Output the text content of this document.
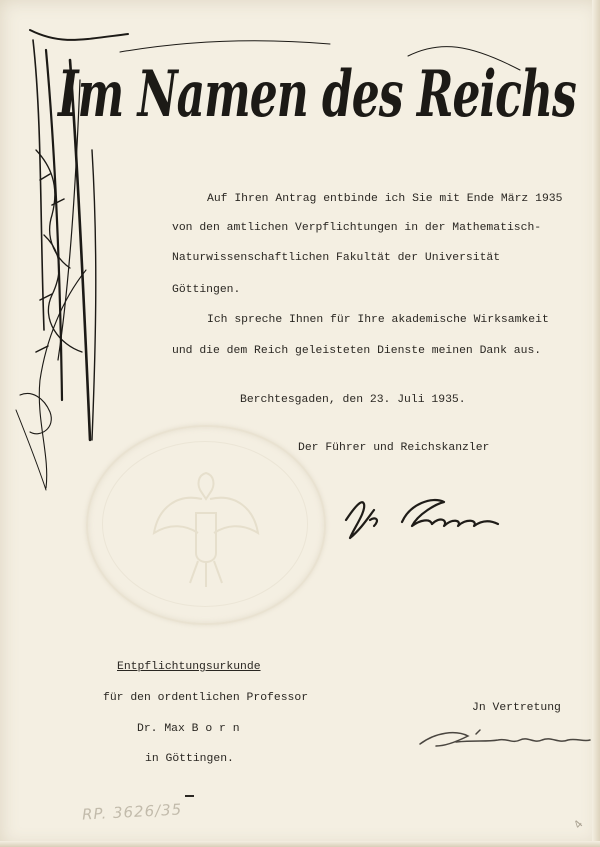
Im Namen des Reichs
Auf Ihren Antrag entbinde ich Sie mit Ende März 1935
von den amtlichen Verpflichtungen in der Mathematisch-
Naturwissenschaftlichen Fakultät der Universität
Göttingen.
Ich spreche Ihnen für Ihre akademische Wirksamkeit
und die dem Reich geleisteten Dienste meinen Dank aus.
Berchtesgaden, den 23. Juli 1935.
Der Führer und Reichskanzler
Entpflichtungsurkunde
für den ordentlichen Professor
Dr. Max B o r n
in Göttingen.
Jn Vertretung
RP. 3626/35
4
